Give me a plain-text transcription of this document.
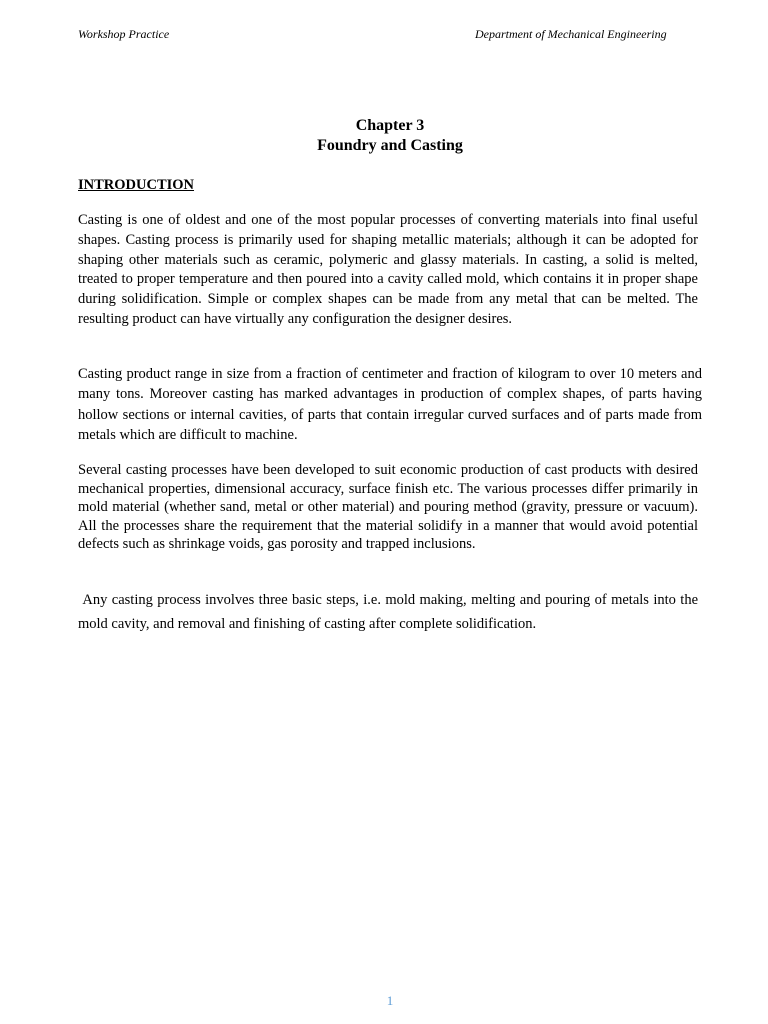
Workshop Practice	Department of Mechanical Engineering
Chapter 3
Foundry and Casting
INTRODUCTION

Casting is one of oldest and one of the most popular processes of converting materials into final useful shapes. Casting process is primarily used for shaping metallic materials; although it can be adopted for shaping other materials such as ceramic, polymeric and glassy materials. In casting, a solid is melted, treated to proper temperature and then poured into a cavity called mold, which contains it in proper shape during solidification. Simple or complex shapes can be made from any metal that can be melted. The resulting product can have virtually any configuration the designer desires.

Casting product range in size from a fraction of centimeter and fraction of kilogram to over 10 meters and many tons. Moreover casting has marked advantages in production of complex shapes, of parts having hollow sections or internal cavities, of parts that contain irregular curved surfaces and of parts made from metals which are difficult to machine.

Several casting processes have been developed to suit economic production of cast products with desired mechanical properties, dimensional accuracy, surface finish etc. The various processes differ primarily in mold material (whether sand, metal or other material) and pouring method (gravity, pressure or vacuum). All the processes share the requirement that the material solidify in a manner that would avoid potential defects such as shrinkage voids, gas porosity and trapped inclusions.

Any casting process involves three basic steps, i.e. mold making, melting and pouring of metals into the mold cavity, and removal and finishing of casting after complete solidification.

1
